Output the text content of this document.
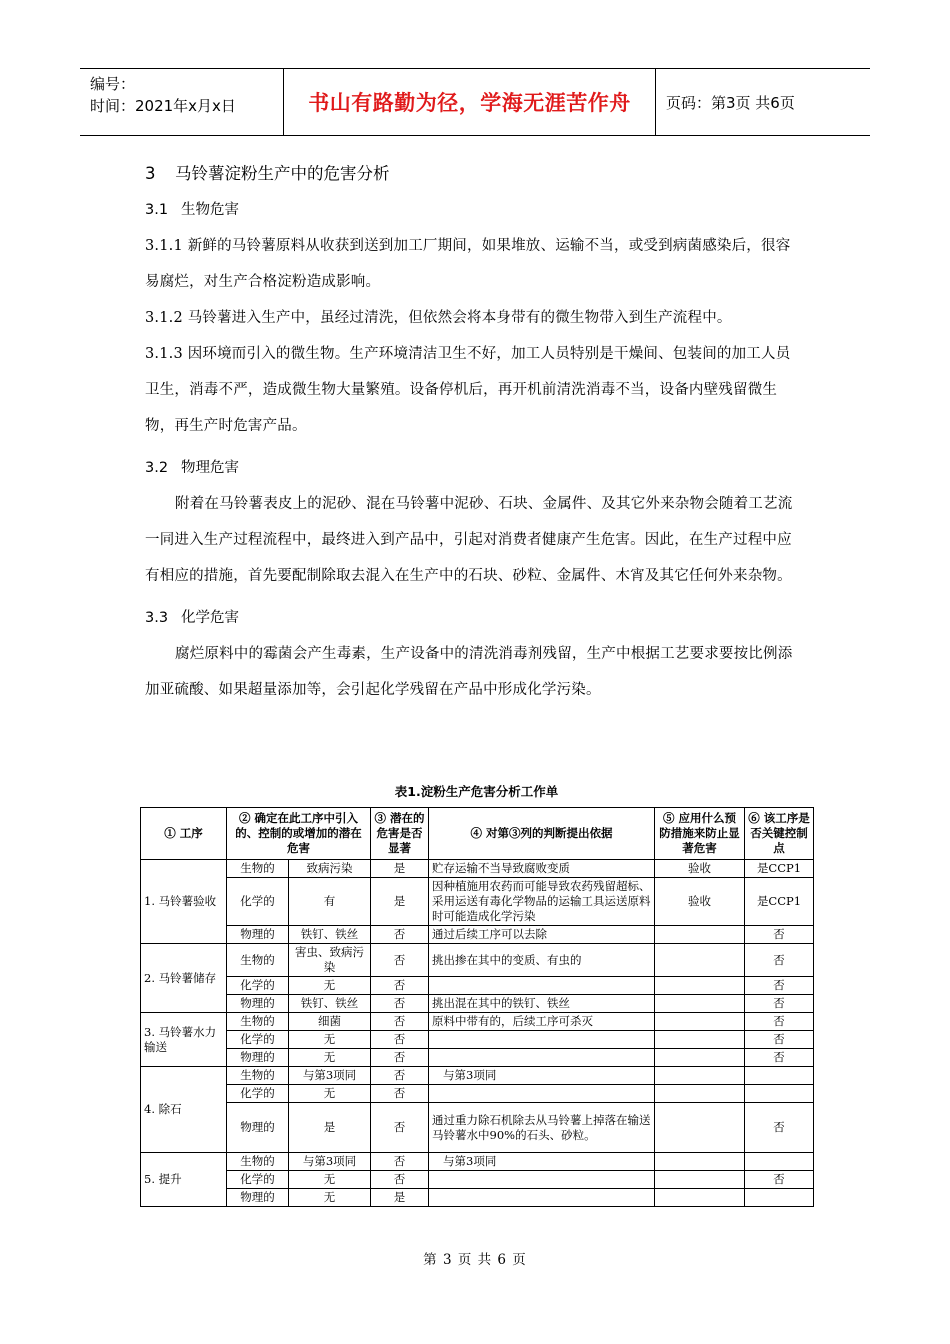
编号：
时间：2021年x月x日	书山有路勤为径，学海无涯苦作舟	页码：第3页 共6页
3 马铃薯淀粉生产中的危害分析
3.1 生物危害

3.1.1 新鲜的马铃薯原料从收获到送到加工厂期间，如果堆放、运输不当，或受到病菌感染后，很容易腐烂，对生产合格淀粉造成影响。

3.1.2 马铃薯进入生产中，虽经过清洗，但依然会将本身带有的微生物带入到生产流程中。

3.1.3 因环境而引入的微生物。生产环境清洁卫生不好，加工人员特别是干燥间、包装间的加工人员卫生，消毒不严，造成微生物大量繁殖。设备停机后，再开机前清洗消毒不当，设备内壁残留微生物，再生产时危害产品。

3.2 物理危害

附着在马铃薯表皮上的泥砂、混在马铃薯中泥砂、石块、金属件、及其它外来杂物会随着工艺流一同进入生产过程流程中，最终进入到产品中，引起对消费者健康产生危害。因此，在生产过程中应有相应的措施，首先要配制除取去混入在生产中的石块、砂粒、金属件、木宵及其它任何外来杂物。

3.3 化学危害

腐烂原料中的霉菌会产生毒素，生产设备中的清洗消毒剂残留，生产中根据工艺要求要按比例添加亚硫酸、如果超量添加等，会引起化学残留在产品中形成化学污染。

表1.淀粉生产危害分析工作单
① 工序	② 确定在此工序中引入的、控制的或增加的潜在危害		③ 潜在的危害是否显著	④ 对第③列的判断提出依据	⑤ 应用什么预防措施来防止显著危害	⑥ 该工序是否关键控制点
1. 马铃薯验收	生物的	致病污染	是	贮存运输不当导致腐败变质	验收	是CCP1
	化学的	有	是	因种植施用农药而可能导致农药残留超标、采用运送有毒化学物品的运输工具运送原料时可能造成化学污染	验收	是CCP1
	物理的	铁钉、铁丝	否	通过后续工序可以去除		否
2. 马铃薯储存	生物的	害虫、致病污染	否	挑出掺在其中的变质、有虫的		否
	化学的	无	否			否
	物理的	铁钉、铁丝	否	挑出混在其中的铁钉、铁丝		否
3. 马铃薯水力输送	生物的	细菌	否	原料中带有的，后续工序可杀灭		否
	化学的	无	否			否
	物理的	无	否			否
4. 除石	生物的	与第3项同	否	与第3项同		
	化学的	无	否			
	物理的	是	否	通过重力除石机除去从马铃薯上掉落在输送马铃薯水中90%的石头、砂粒。		否
5. 提升	生物的	与第3项同	否	与第3项同		
	化学的	无	否			否
	物理的	无	是			
第 3 页 共 6 页
